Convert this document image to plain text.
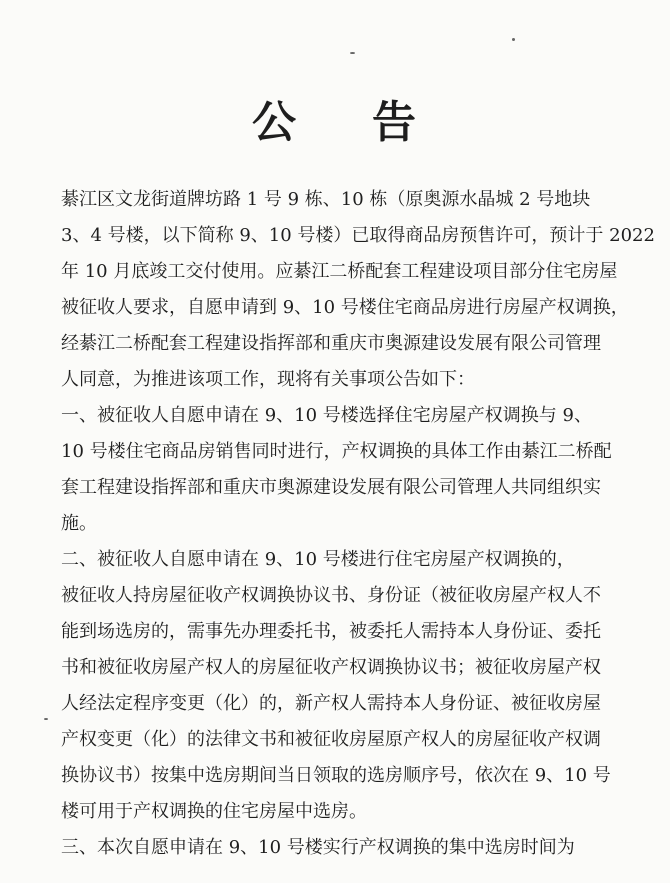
公 告
綦江区文龙街道牌坊路 1 号 9 栋、10 栋（原奥源水晶城 2 号地块
3、4 号楼，以下简称 9、10 号楼）已取得商品房预售许可，预计于 2022
年 10 月底竣工交付使用。应綦江二桥配套工程建设项目部分住宅房屋
被征收人要求，自愿申请到 9、10 号楼住宅商品房进行房屋产权调换，
经綦江二桥配套工程建设指挥部和重庆市奥源建设发展有限公司管理
人同意，为推进该项工作，现将有关事项公告如下：
一、被征收人自愿申请在 9、10 号楼选择住宅房屋产权调换与 9、
10 号楼住宅商品房销售同时进行，产权调换的具体工作由綦江二桥配
套工程建设指挥部和重庆市奥源建设发展有限公司管理人共同组织实
施。
二、被征收人自愿申请在 9、10 号楼进行住宅房屋产权调换的，
被征收人持房屋征收产权调换协议书、身份证（被征收房屋产权人不
能到场选房的，需事先办理委托书，被委托人需持本人身份证、委托
书和被征收房屋产权人的房屋征收产权调换协议书；被征收房屋产权
人经法定程序变更（化）的，新产权人需持本人身份证、被征收房屋
产权变更（化）的法律文书和被征收房屋原产权人的房屋征收产权调
换协议书）按集中选房期间当日领取的选房顺序号，依次在 9、10 号
楼可用于产权调换的住宅房屋中选房。
三、本次自愿申请在 9、10 号楼实行产权调换的集中选房时间为
